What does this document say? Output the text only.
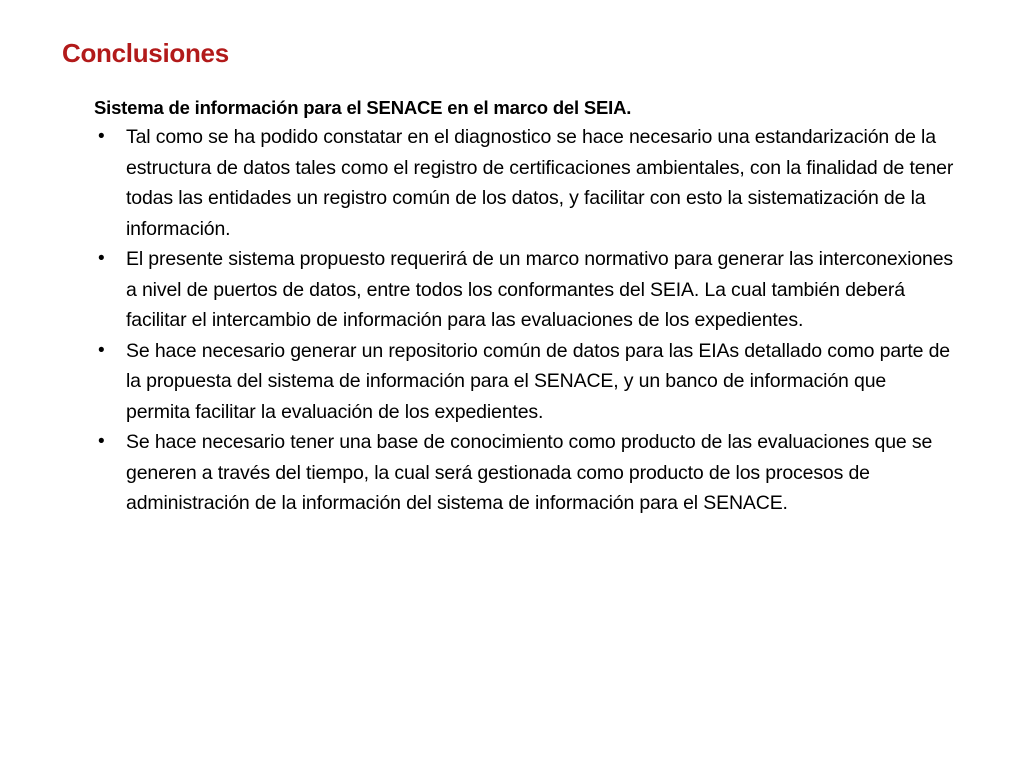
Conclusiones

Sistema de información para el SENACE en el marco del SEIA.

• Tal como se ha podido constatar en el diagnostico se hace necesario una estandarización de la estructura de datos tales como el registro de certificaciones ambientales, con la finalidad de tener todas las entidades un registro común de los datos, y facilitar con esto la sistematización de la información.
• El presente sistema propuesto requerirá de un marco normativo para generar las interconexiones a nivel de puertos de datos, entre todos los conformantes del SEIA. La cual también deberá facilitar el intercambio de información para las evaluaciones de los expedientes.
• Se hace necesario generar un repositorio común de datos para las EIAs detallado como parte de la propuesta del sistema de información para el SENACE, y un banco de información que permita facilitar la evaluación de los expedientes.
• Se hace necesario tener una base de conocimiento como producto de las evaluaciones que se generen a través del tiempo, la cual será gestionada como producto de los procesos de administración de la información del sistema de información para el SENACE.
